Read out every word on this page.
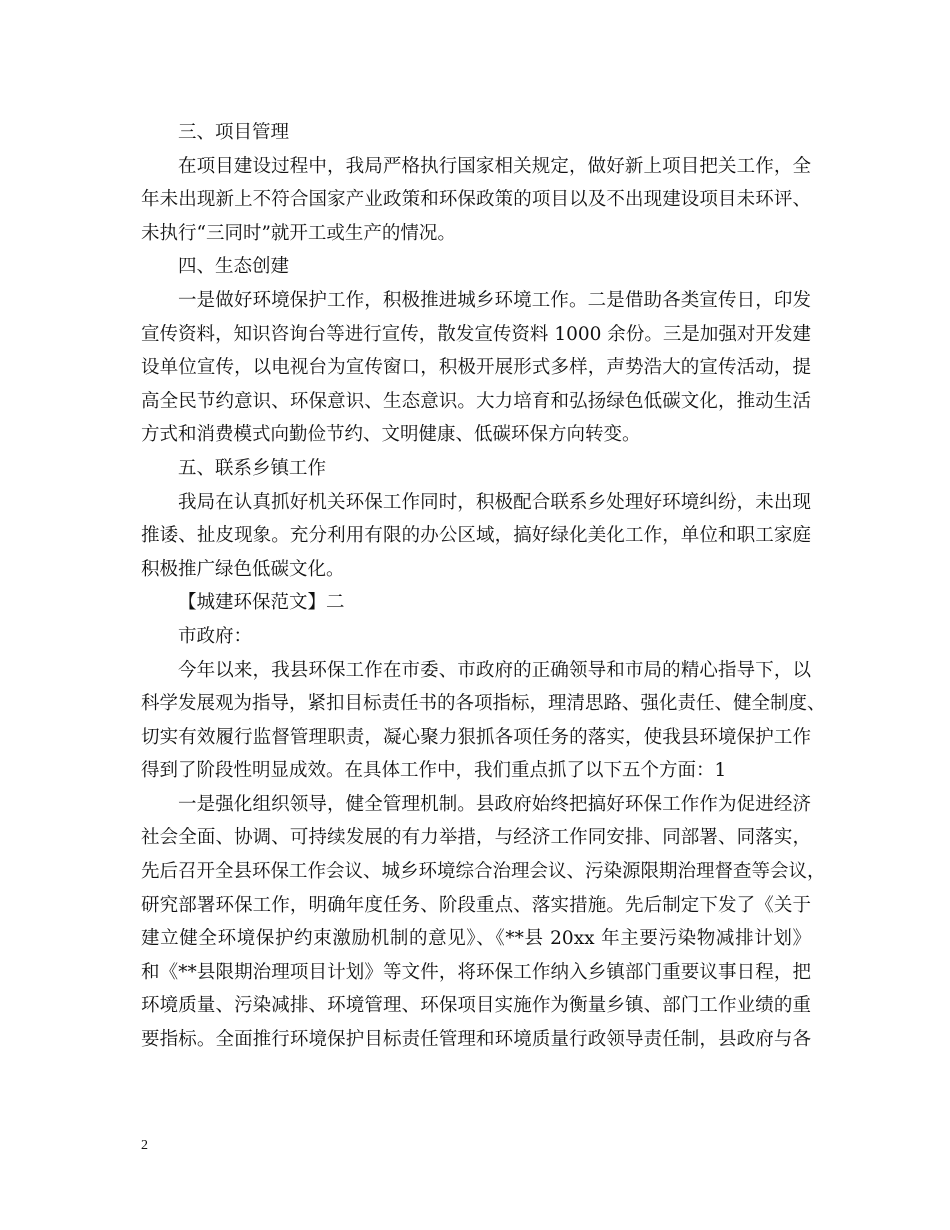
三、项目管理
在项目建设过程中，我局严格执行国家相关规定，做好新上项目把关工作，全
年未出现新上不符合国家产业政策和环保政策的项目以及不出现建设项目未环评、
未执行“三同时”就开工或生产的情况。
四、生态创建
一是做好环境保护工作，积极推进城乡环境工作。二是借助各类宣传日，印发
宣传资料，知识咨询台等进行宣传，散发宣传资料 1000 余份。三是加强对开发建
设单位宣传，以电视台为宣传窗口，积极开展形式多样，声势浩大的宣传活动，提
高全民节约意识、环保意识、生态意识。大力培育和弘扬绿色低碳文化，推动生活
方式和消费模式向勤俭节约、文明健康、低碳环保方向转变。
五、联系乡镇工作
我局在认真抓好机关环保工作同时，积极配合联系乡处理好环境纠纷，未出现
推诿、扯皮现象。充分利用有限的办公区域，搞好绿化美化工作，单位和职工家庭
积极推广绿色低碳文化。
【城建环保范文】二
市政府：
今年以来，我县环保工作在市委、市政府的正确领导和市局的精心指导下，以
科学发展观为指导，紧扣目标责任书的各项指标，理清思路、强化责任、健全制度、
切实有效履行监督管理职责，凝心聚力狠抓各项任务的落实，使我县环境保护工作
得到了阶段性明显成效。在具体工作中，我们重点抓了以下五个方面：1
一是强化组织领导，健全管理机制。县政府始终把搞好环保工作作为促进经济
社会全面、协调、可持续发展的有力举措，与经济工作同安排、同部署、同落实，
先后召开全县环保工作会议、城乡环境综合治理会议、污染源限期治理督查等会议，
研究部署环保工作，明确年度任务、阶段重点、落实措施。先后制定下发了《关于
建立健全环境保护约束激励机制的意见》、《**县 20xx 年主要污染物减排计划》
和《**县限期治理项目计划》等文件，将环保工作纳入乡镇部门重要议事日程，把
环境质量、污染减排、环境管理、环保项目实施作为衡量乡镇、部门工作业绩的重
要指标。全面推行环境保护目标责任管理和环境质量行政领导责任制，县政府与各
2
